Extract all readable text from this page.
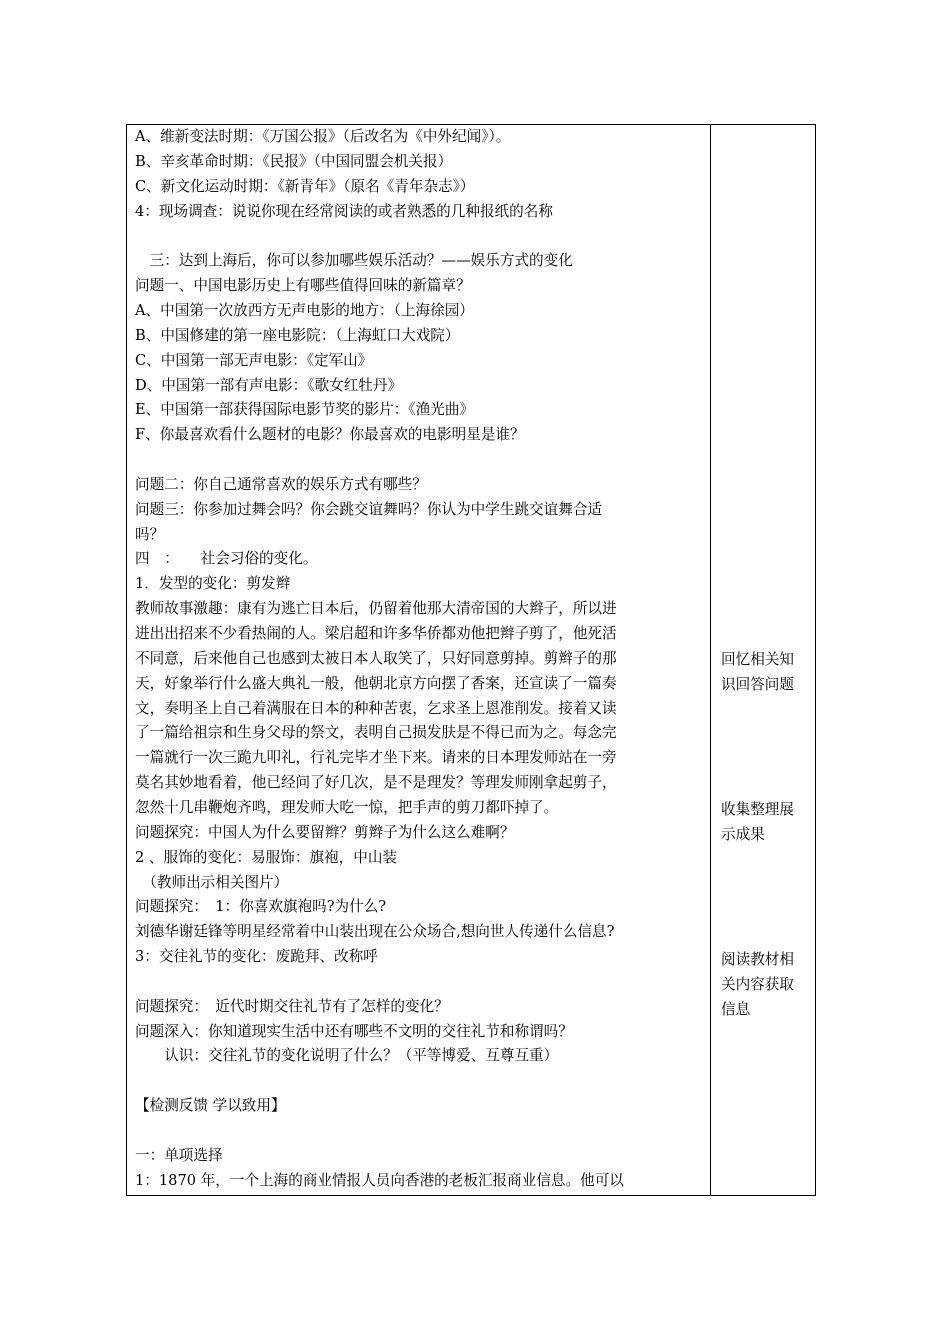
A、维新变法时期：《万国公报》（后改名为《中外纪闻》）。
B、辛亥革命时期：《民报》（中国同盟会机关报）
C、新文化运动时期：《新青年》（原名《青年杂志》）
4：现场调查：说说你现在经常阅读的或者熟悉的几种报纸的名称
　三：达到上海后，你可以参加哪些娱乐活动？——娱乐方式的变化
问题一、中国电影历史上有哪些值得回味的新篇章？
A、中国第一次放西方无声电影的地方：（上海徐园）
B、中国修建的第一座电影院：（上海虹口大戏院）
C、中国第一部无声电影：《定军山》
D、中国第一部有声电影：《歌女红牡丹》
E、中国第一部获得国际电影节奖的影片：《渔光曲》
F、你最喜欢看什么题材的电影？你最喜欢的电影明星是谁？
问题二：你自己通常喜欢的娱乐方式有哪些？
问题三：你参加过舞会吗？你会跳交谊舞吗？你认为中学生跳交谊舞合适
吗？
四　：　　社会习俗的变化。
1．发型的变化：剪发辫
教师故事激趣：康有为逃亡日本后，仍留着他那大清帝国的大辫子，所以进
进出出招来不少看热闹的人。梁启超和许多华侨都劝他把辫子剪了，他死活
不同意，后来他自己也感到太被日本人取笑了，只好同意剪掉。剪辫子的那
天，好象举行什么盛大典礼一般，他朝北京方向摆了香案，还宣读了一篇奏
文，奏明圣上自己着满服在日本的种种苦衷，乞求圣上恩准削发。接着又读
了一篇给祖宗和生身父母的祭文，表明自己损发肤是不得已而为之。每念完
一篇就行一次三跪九叩礼，行礼完毕才坐下来。请来的日本理发师站在一旁
莫名其妙地看着，他已经问了好几次，是不是理发？等理发师刚拿起剪子，
忽然十几串鞭炮齐鸣，理发师大吃一惊，把手声的剪刀都吓掉了。
问题探究：中国人为什么要留辫？剪辫子为什么这么难啊？
2 、服饰的变化：易服饰：旗袍，中山装
　（教师出示相关图片）
问题探究：　1：你喜欢旗袍吗?为什么?
刘德华谢廷锋等明星经常着中山装出现在公众场合,想向世人传递什么信息?
3：交往礼节的变化：废跪拜、改称呼
问题探究：　近代时期交往礼节有了怎样的变化？
问题深入：你知道现实生活中还有哪些不文明的交往礼节和称谓吗？
　　认识：交往礼节的变化说明了什么？（平等博爱、互尊互重）
【检测反馈 学以致用】
一：单项选择
1：1870 年，一个上海的商业情报人员向香港的老板汇报商业信息。他可以
回忆相关知
识回答问题
收集整理展
示成果
阅读教材相
关内容获取
信息
